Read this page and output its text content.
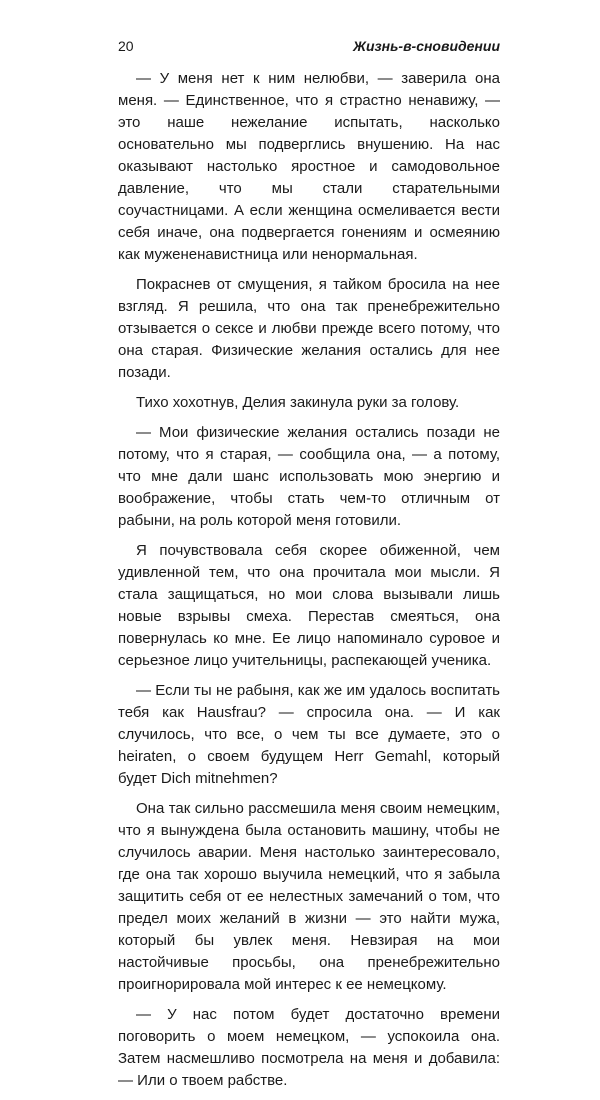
20	Жизнь-в-сновидении

— У меня нет к ним нелюбви, — заверила она меня. — Единственное, что я страстно ненавижу, — это наше нежелание испытать, насколько основательно мы подверглись внушению. На нас оказывают настолько яростное и самодовольное давление, что мы стали старательными соучастницами. А если женщина осмеливается вести себя иначе, она подвергается гонениям и осмеянию как мужененавистница или ненормальная.

Покраснев от смущения, я тайком бросила на нее взгляд. Я решила, что она так пренебрежительно отзывается о сексе и любви прежде всего потому, что она старая. Физические желания остались для нее позади.

Тихо хохотнув, Делия закинула руки за голову.

— Мои физические желания остались позади не потому, что я старая, — сообщила она, — а потому, что мне дали шанс использовать мою энергию и воображение, чтобы стать чем-то отличным от рабыни, на роль которой меня готовили.

Я почувствовала себя скорее обиженной, чем удивленной тем, что она прочитала мои мысли. Я стала защищаться, но мои слова вызывали лишь новые взрывы смеха. Перестав смеяться, она повернулась ко мне. Ее лицо напоминало суровое и серьезное лицо учительницы, распекающей ученика.

— Если ты не рабыня, как же им удалось воспитать тебя как Hausfrau? — спросила она. — И как случилось, что все, о чем ты все думаете, это о heiraten, о своем будущем Herr Gemahl, который будет Dich mitnehmen?

Она так сильно рассмешила меня своим немецким, что я вынуждена была остановить машину, чтобы не случилось аварии. Меня настолько заинтересовало, где она так хорошо выучила немецкий, что я забыла защитить себя от ее нелестных замечаний о том, что предел моих желаний в жизни — это найти мужа, который бы увлек меня. Невзирая на мои настойчивые просьбы, она пренебрежительно проигнорировала мой интерес к ее немецкому.

— У нас потом будет достаточно времени поговорить о моем немецком, — успокоила она. Затем насмешливо посмотрела на меня и добавила: — Или о твоем рабстве.
